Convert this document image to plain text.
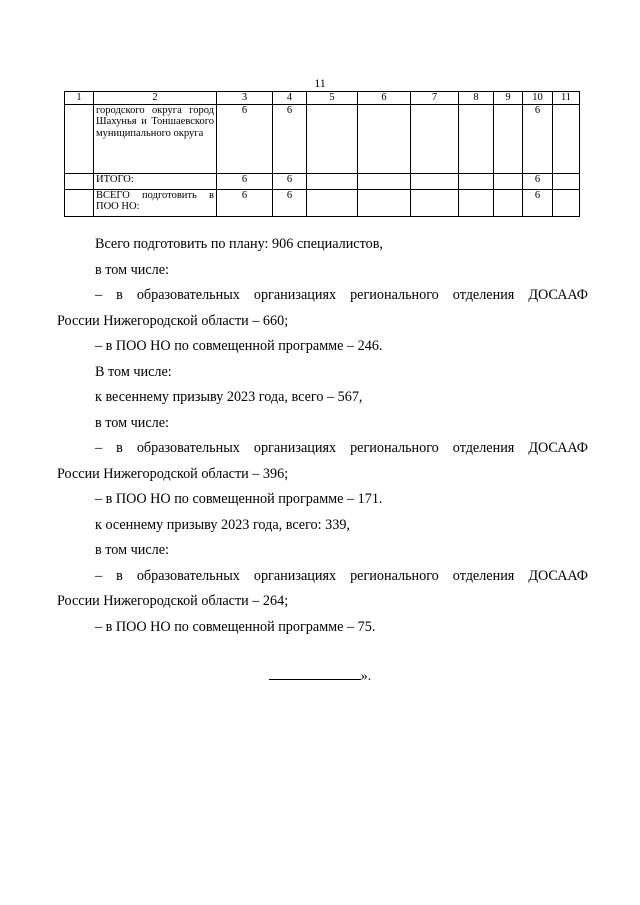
11
1	2	3	4	5	6	7	8	9	10	11
	городского округа город Шахунья и Тоншаевского муниципального округа	6	6						6	
	ИТОГО:	6	6						6	
	ВСЕГО подготовить в ПОО НО:	6	6						6	

Всего подготовить по плану: 906 специалистов,

в том числе:

– в образовательных организациях регионального отделения ДОСААФ

России Нижегородской области – 660;

– в ПОО НО по совмещенной программе – 246.

В том числе:

к весеннему призыву 2023 года, всего – 567,

в том числе:

– в образовательных организациях регионального отделения ДОСААФ

России Нижегородской области – 396;

– в ПОО НО по совмещенной программе – 171.

к осеннему призыву 2023 года, всего: 339,

в том числе:

– в образовательных организациях регионального отделения ДОСААФ

России Нижегородской области – 264;

– в ПОО НО по совмещенной программе – 75.

».
